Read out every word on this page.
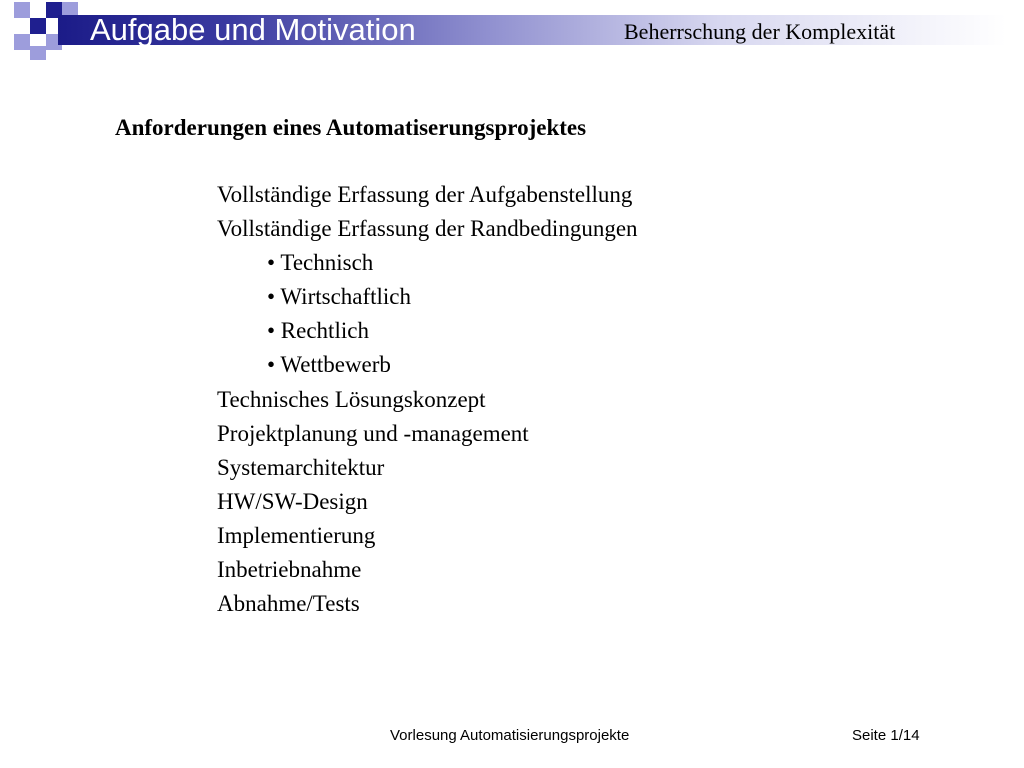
Aufgabe und Motivation	Beherrschung der Komplexität
Anforderungen eines Automatiserungsprojektes
Vollständige Erfassung der Aufgabenstellung
Vollständige Erfassung der Randbedingungen
• Technisch
• Wirtschaftlich
• Rechtlich
• Wettbewerb
Technisches Lösungskonzept
Projektplanung und -management
Systemarchitektur
HW/SW-Design
Implementierung
Inbetriebnahme
Abnahme/Tests
Vorlesung Automatisierungsprojekte	Seite 1/14
